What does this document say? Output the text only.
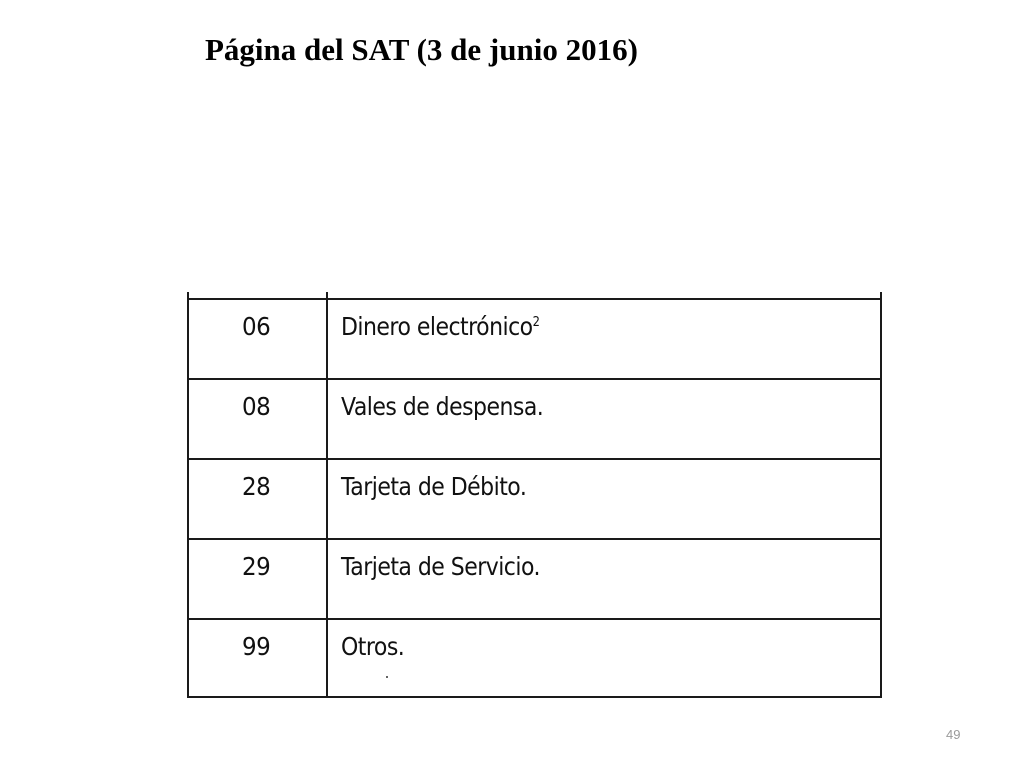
Página del SAT (3 de junio 2016)
06	Dinero electrónico$^2$
08	Vales de despensa.
28	Tarjeta de Débito.
29	Tarjeta de Servicio.
99	Otros.
49
